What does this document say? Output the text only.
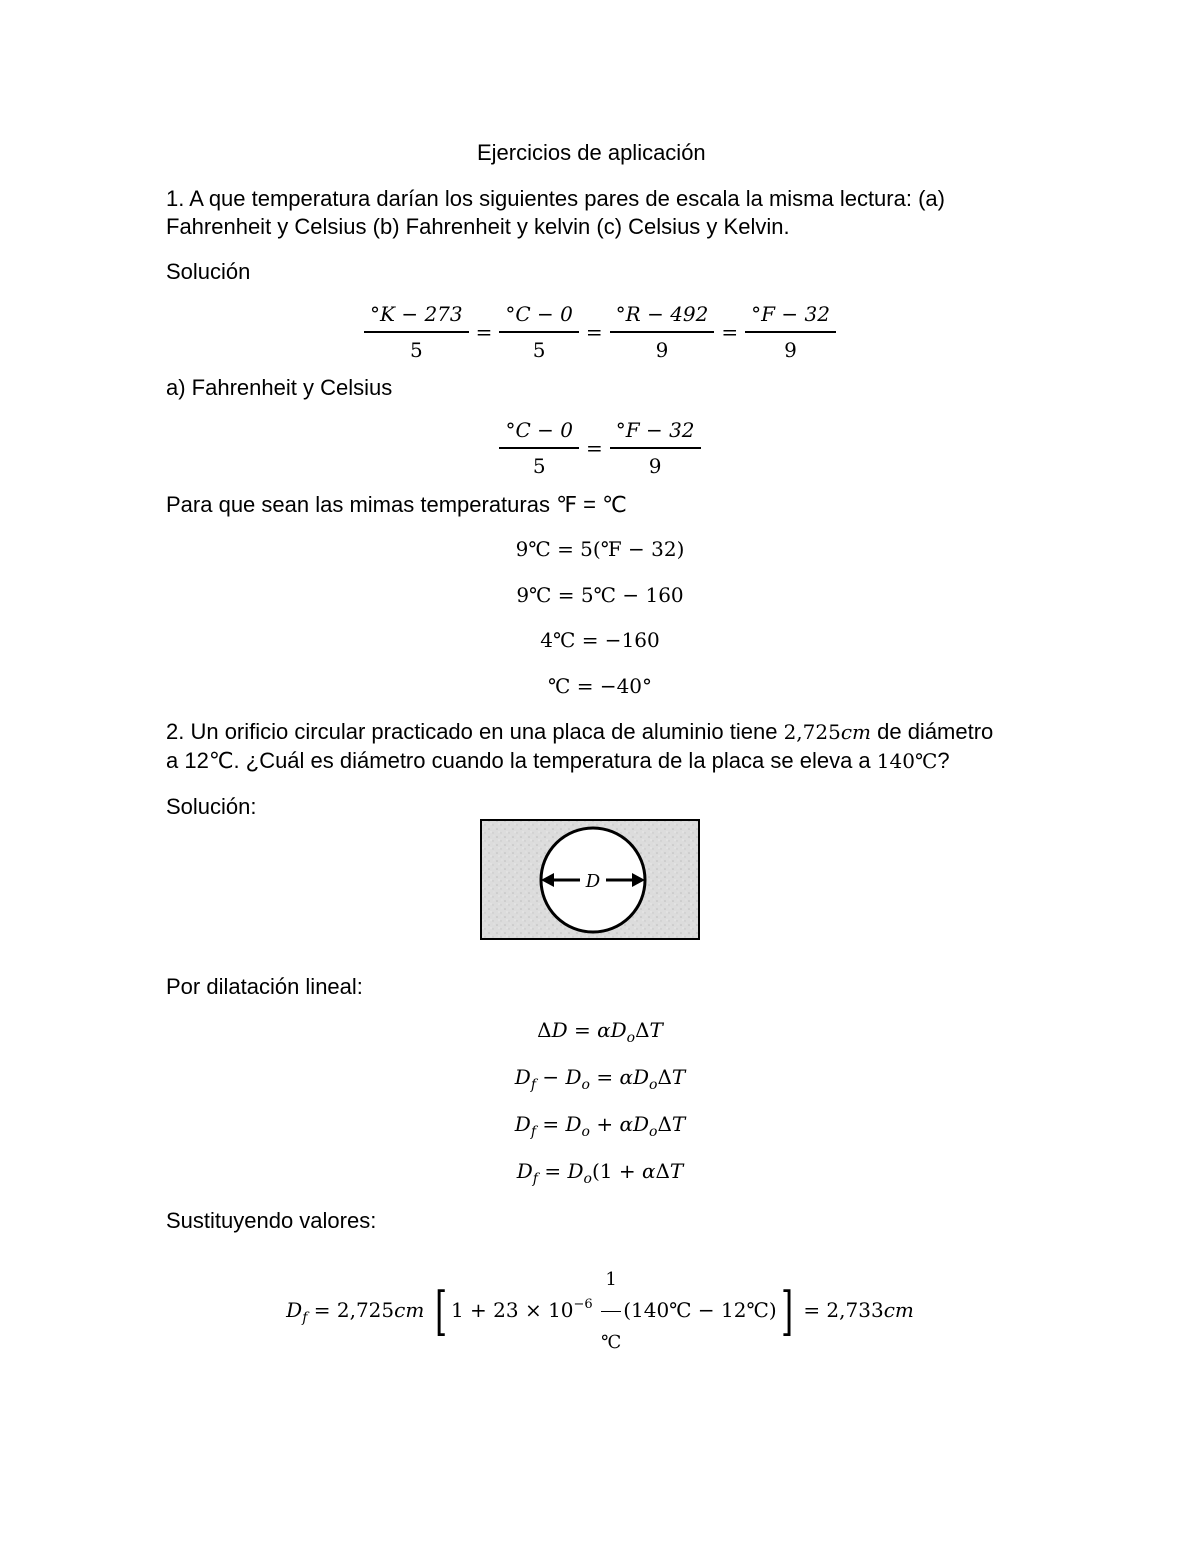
Ejercicios de aplicación
1. A que temperatura darían los siguientes pares de escala la misma lectura: (a)
Fahrenheit y Celsius (b) Fahrenheit y kelvin (c) Celsius y Kelvin.
Solución
$\frac{^\circ K - 273}{5} = \frac{^\circ C - 0}{5} = \frac{^\circ R - 492}{9} = \frac{^\circ F - 32}{9}$
a) Fahrenheit y Celsius
$\frac{^\circ C - 0}{5} = \frac{^\circ F - 32}{9}$
Para que sean las mimas temperaturas ℉ = ℃
9℃ = 5(℉ − 32)
9℃ = 5℃ − 160
4℃ = −160
℃ = −40°
2. Un orificio circular practicado en una placa de aluminio tiene 2,725cm de diámetro
a 12℃. ¿Cuál es diámetro cuando la temperatura de la placa se eleva a 140℃?
Solución:
D
Por dilatación lineal:
$\Delta D = \alpha D_o\Delta T$
$D_f - D_o = \alpha D_o\Delta T$
$D_f = D_o + \alpha D_o\Delta T$
$D_f = D_o(1 + \alpha\Delta T$
Sustituyendo valores:
$D_f = 2,725cm$ [ $1 + 23 \times 10^{-6} \frac{1}{℃}$ (140℃ − 12℃)] = 2,733cm
